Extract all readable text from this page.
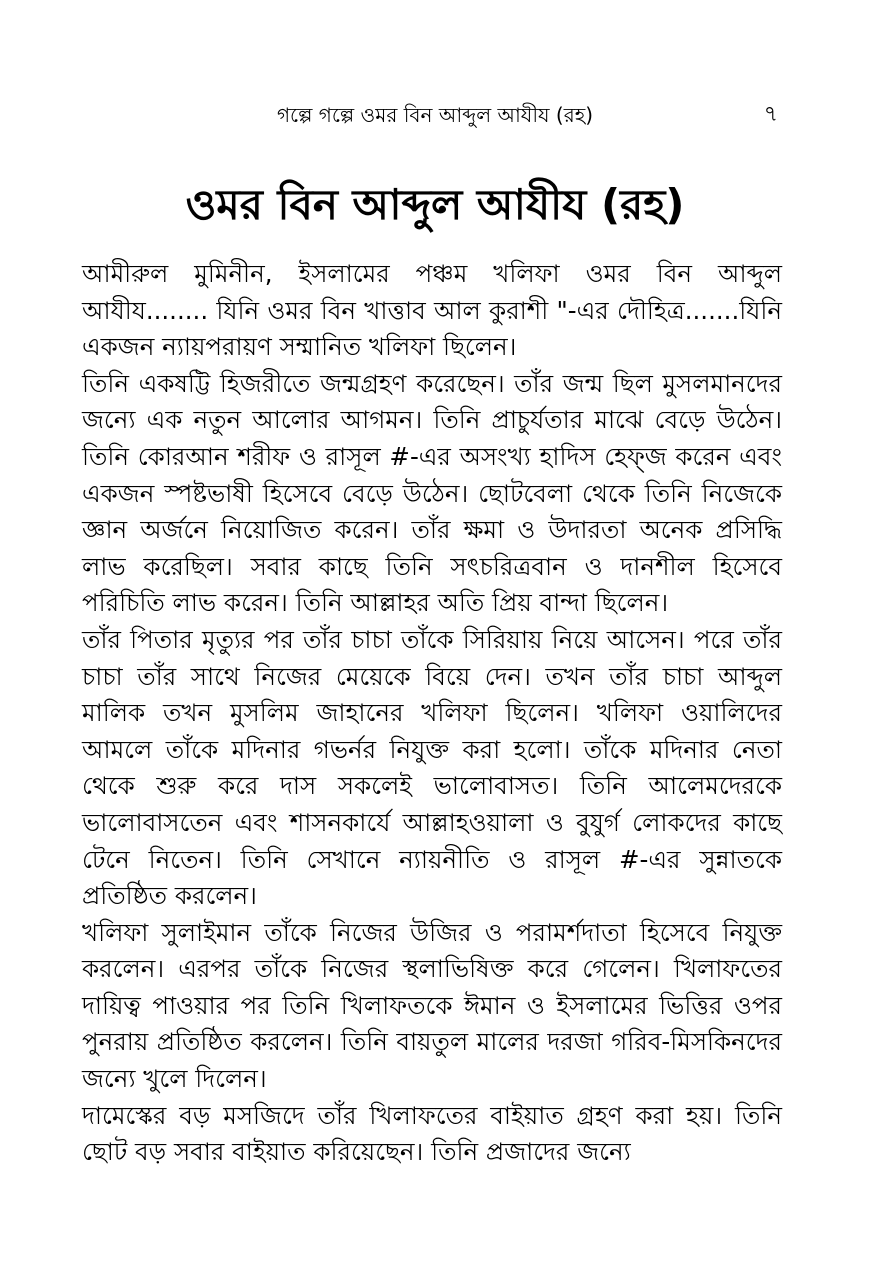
গল্পে গল্পে ওমর বিন আব্দুল আযীয (রহ)	৭
ওমর বিন আব্দুল আযীয (রহ)

আমীরুল মুমিনীন, ইসলামের পঞ্চম খলিফা ওমর বিন আব্দুল আযীয........ যিনি ওমর বিন খাত্তাব আল কুরাশী "-এর দৌহিত্র.......যিনি একজন ন্যায়পরায়ণ সম্মানিত খলিফা ছিলেন।

তিনি একষট্টি হিজরীতে জন্মগ্রহণ করেছেন। তাঁর জন্ম ছিল মুসলমানদের জন্যে এক নতুন আলোর আগমন। তিনি প্রাচুর্যতার মাঝে বেড়ে উঠেন। তিনি কোরআন শরীফ ও রাসূল #-এর অসংখ্য হাদিস হেফ্জ করেন এবং একজন স্পষ্টভাষী হিসেবে বেড়ে উঠেন। ছোটবেলা থেকে তিনি নিজেকে জ্ঞান অর্জনে নিয়োজিত করেন। তাঁর ক্ষমা ও উদারতা অনেক প্রসিদ্ধি লাভ করেছিল। সবার কাছে তিনি সৎচরিত্রবান ও দানশীল হিসেবে পরিচিতি লাভ করেন। তিনি আল্লাহর অতি প্রিয় বান্দা ছিলেন।

তাঁর পিতার মৃত্যুর পর তাঁর চাচা তাঁকে সিরিয়ায় নিয়ে আসেন। পরে তাঁর চাচা তাঁর সাথে নিজের মেয়েকে বিয়ে দেন। তখন তাঁর চাচা আব্দুল মালিক তখন মুসলিম জাহানের খলিফা ছিলেন। খলিফা ওয়ালিদের আমলে তাঁকে মদিনার গভর্নর নিযুক্ত করা হলো। তাঁকে মদিনার নেতা থেকে শুরু করে দাস সকলেই ভালোবাসত। তিনি আলেমদেরকে ভালোবাসতেন এবং শাসনকার্যে আল্লাহওয়ালা ও বুযুর্গ লোকদের কাছে টেনে নিতেন। তিনি সেখানে ন্যায়নীতি ও রাসূল #-এর সুন্নাতকে প্রতিষ্ঠিত করলেন।

খলিফা সুলাইমান তাঁকে নিজের উজির ও পরামর্শদাতা হিসেবে নিযুক্ত করলেন। এরপর তাঁকে নিজের স্থলাভিষিক্ত করে গেলেন। খিলাফতের দায়িত্ব পাওয়ার পর তিনি খিলাফতকে ঈমান ও ইসলামের ভিত্তির ওপর পুনরায় প্রতিষ্ঠিত করলেন। তিনি বায়তুল মালের দরজা গরিব-মিসকিনদের জন্যে খুলে দিলেন।

দামেস্কের বড় মসজিদে তাঁর খিলাফতের বাইয়াত গ্রহণ করা হয়। তিনি ছোট বড় সবার বাইয়াত করিয়েছেন। তিনি প্রজাদের জন্যে
